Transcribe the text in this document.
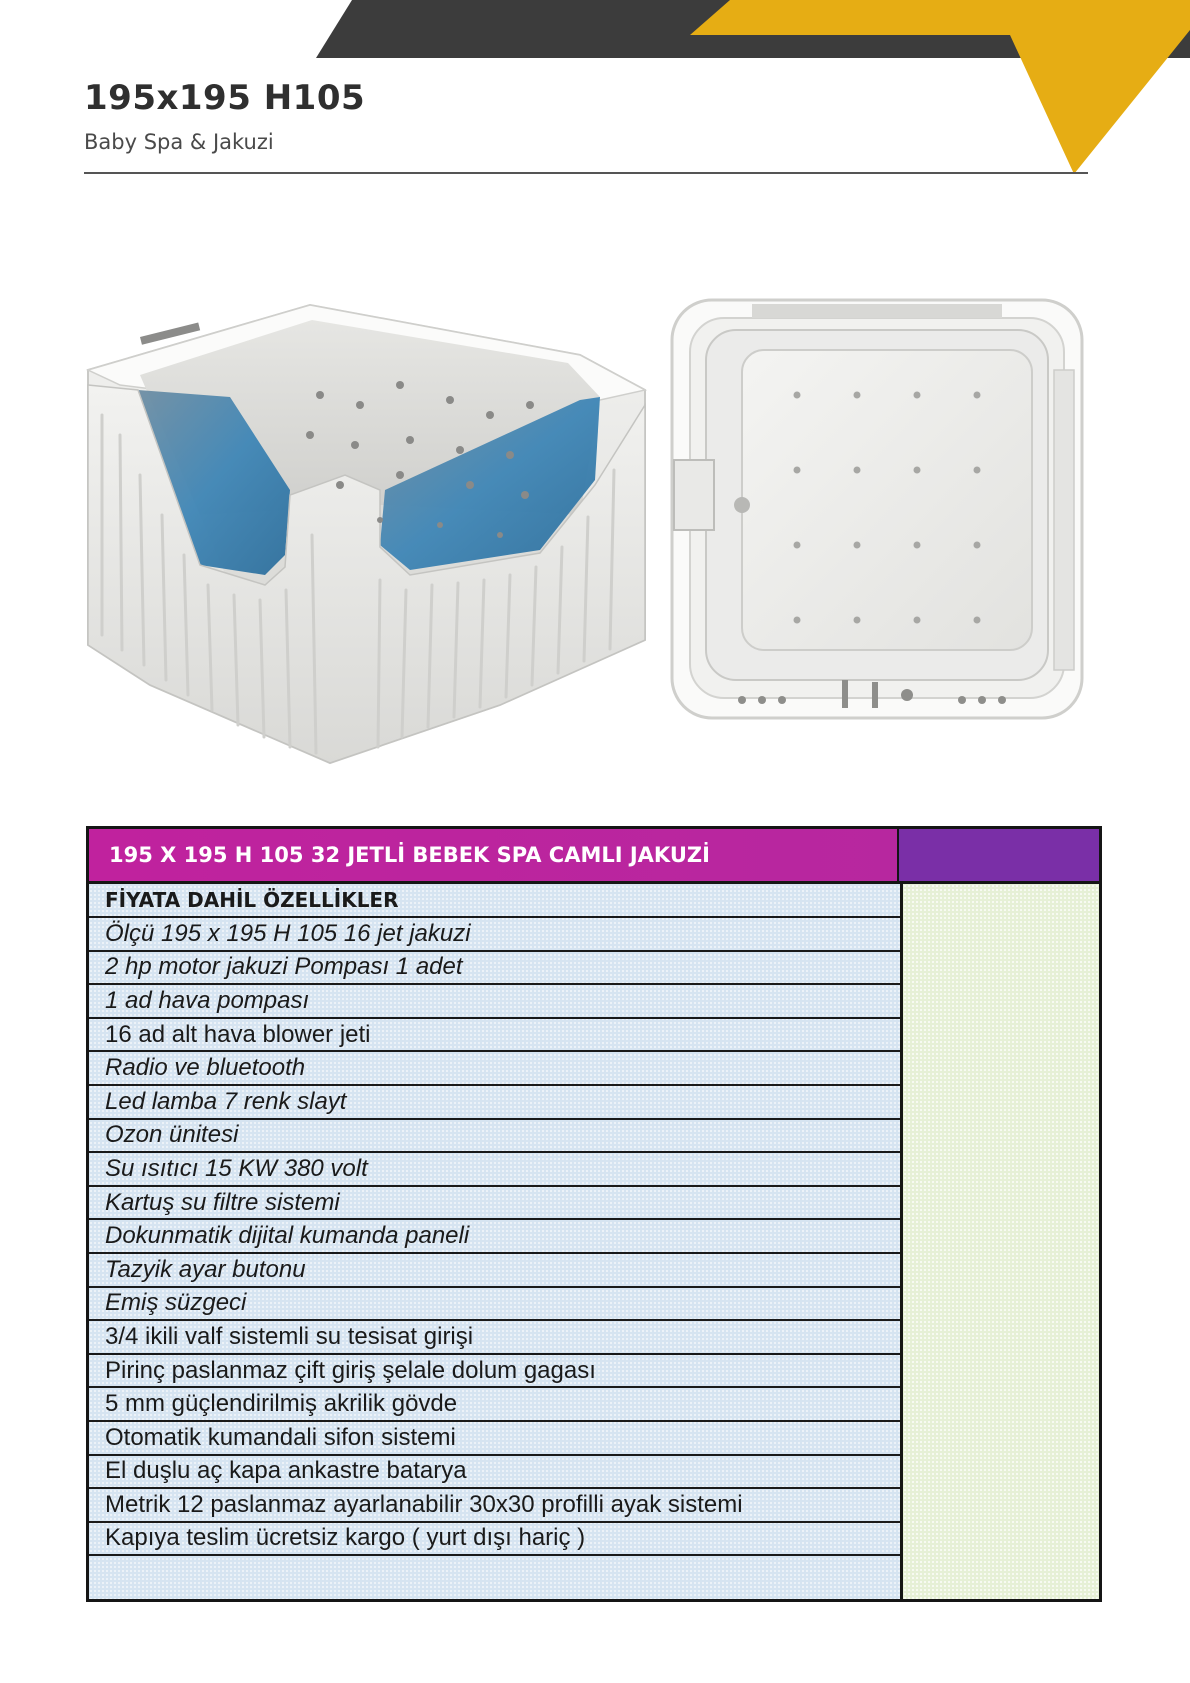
195x195 H105
Baby Spa & Jakuzi
195 X 195 H 105 32 JETLİ BEBEK SPA CAMLI JAKUZİ
FİYATA DAHİL ÖZELLİKLER
Ölçü 195 x 195 H 105 16 jet jakuzi
2 hp motor jakuzi Pompası 1 adet
1 ad hava pompası
16 ad alt hava blower jeti
Radio ve bluetooth
Led lamba 7 renk slayt
Ozon ünitesi
Su ısıtıcı 15 KW 380 volt
Kartuş su filtre sistemi
Dokunmatik dijital kumanda paneli
Tazyik ayar butonu
Emiş süzgeci
3/4 ikili valf sistemli su tesisat girişi
Pirinç paslanmaz çift giriş şelale dolum gagası
5 mm güçlendirilmiş akrilik gövde
Otomatik kumandali sifon sistemi
El duşlu aç kapa ankastre batarya
Metrik 12 paslanmaz ayarlanabilir 30x30 profilli ayak sistemi
Kapıya teslim ücretsiz kargo ( yurt dışı hariç )
